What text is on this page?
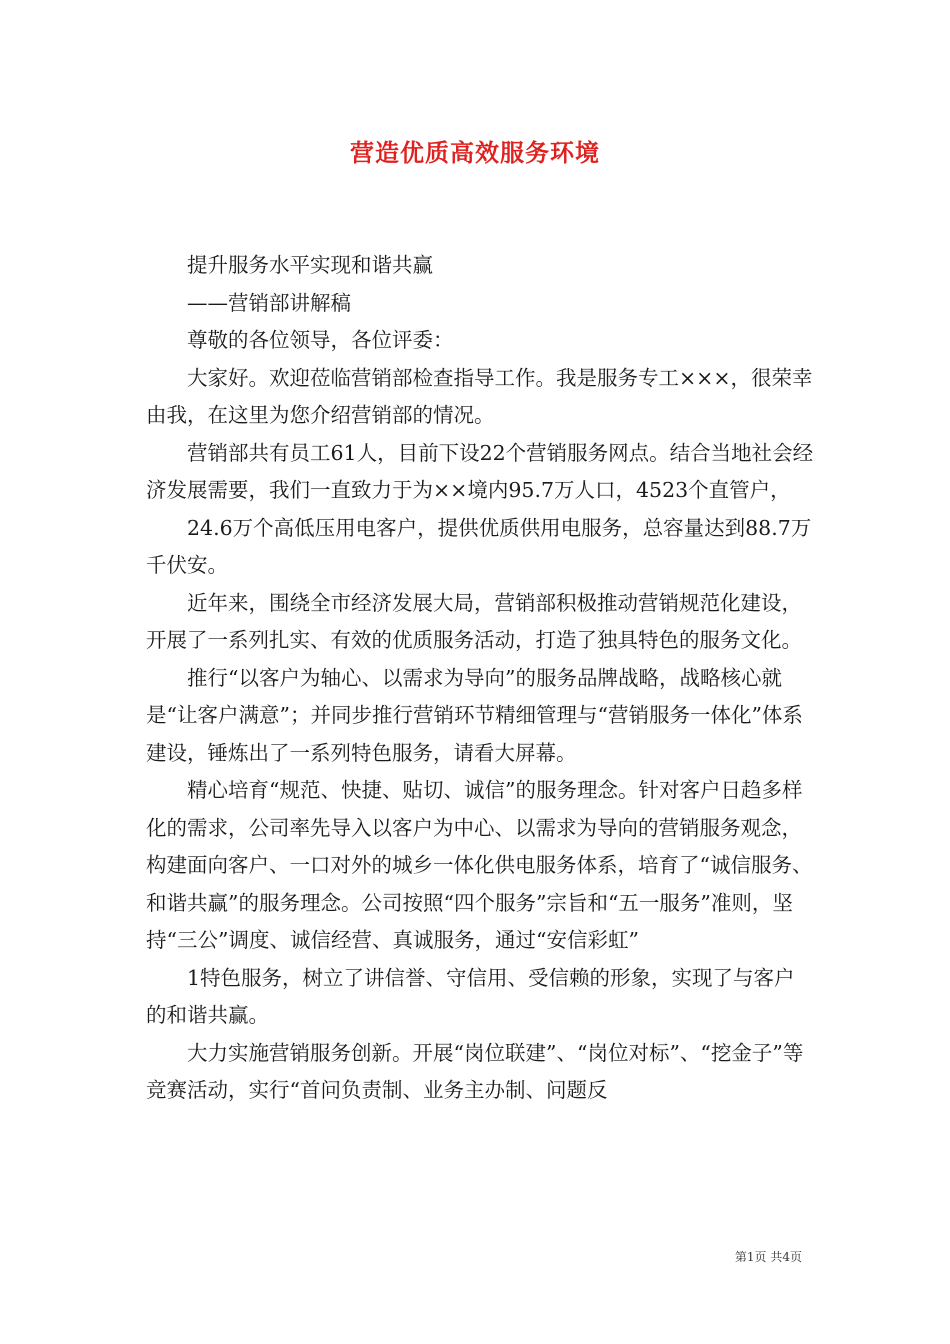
营造优质高效服务环境

提升服务水平实现和谐共赢

——营销部讲解稿

尊敬的各位领导，各位评委：

大家好。欢迎莅临营销部检查指导工作。我是服务专工×××，很荣幸由我，在这里为您介绍营销部的情况。

营销部共有员工61人，目前下设22个营销服务网点。结合当地社会经济发展需要，我们一直致力于为××境内95.7万人口，4523个直管户，

24.6万个高低压用电客户，提供优质供用电服务，总容量达到88.7万千伏安。

近年来，围绕全市经济发展大局，营销部积极推动营销规范化建设，开展了一系列扎实、有效的优质服务活动，打造了独具特色的服务文化。

推行“以客户为轴心、以需求为导向”的服务品牌战略，战略核心就是“让客户满意”；并同步推行营销环节精细管理与“营销服务一体化”体系建设，锤炼出了一系列特色服务，请看大屏幕。

精心培育“规范、快捷、贴切、诚信”的服务理念。针对客户日趋多样化的需求，公司率先导入以客户为中心、以需求为导向的营销服务观念，构建面向客户、一口对外的城乡一体化供电服务体系，培育了“诚信服务、和谐共赢”的服务理念。公司按照“四个服务”宗旨和“五一服务”准则，坚持“三公”调度、诚信经营、真诚服务，通过“安信彩虹”

1特色服务，树立了讲信誉、守信用、受信赖的形象，实现了与客户的和谐共赢。

大力实施营销服务创新。开展“岗位联建”、“岗位对标”、“挖金子”等竞赛活动，实行“首问负责制、业务主办制、问题反

第1页 共4页
